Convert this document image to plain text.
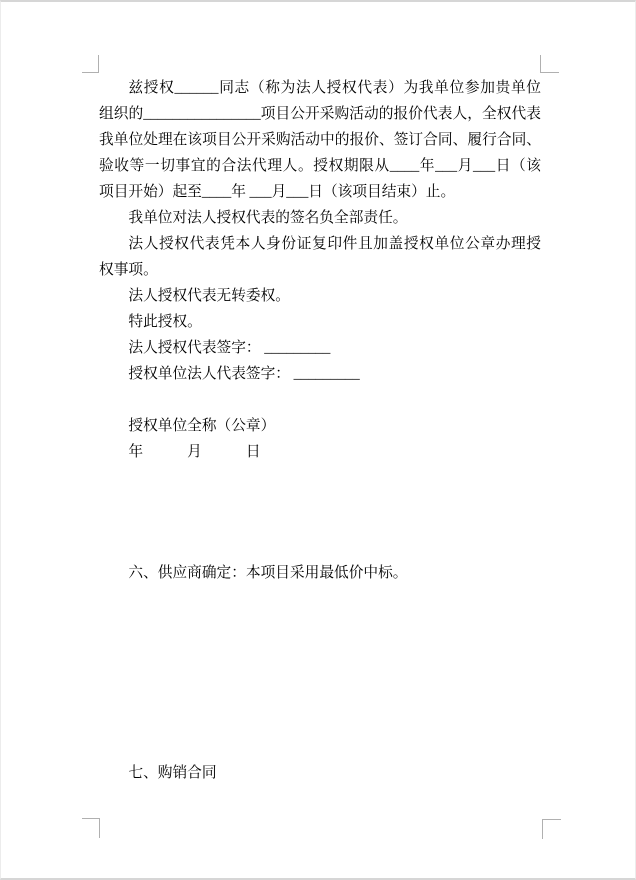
兹授权______同志（称为法人授权代表）为我单位参加贵单位
组织的________________项目公开采购活动的报价代表人，全权代表
我单位处理在该项目公开采购活动中的报价、签订合同、履行合同、
验收等一切事宜的合法代理人。授权期限从____年___月___日（该
项目开始）起至____年 ___月___日（该项目结束）止。
我单位对法人授权代表的签名负全部责任。
法人授权代表凭本人身份证复印件且加盖授权单位公章办理授
权事项。
法人授权代表无转委权。
特此授权。
法人授权代表签字： _________
授权单位法人代表签字： _________
授权单位全称（公章）
年　　　月　　　日
六、供应商确定：本项目采用最低价中标。
七、购销合同
